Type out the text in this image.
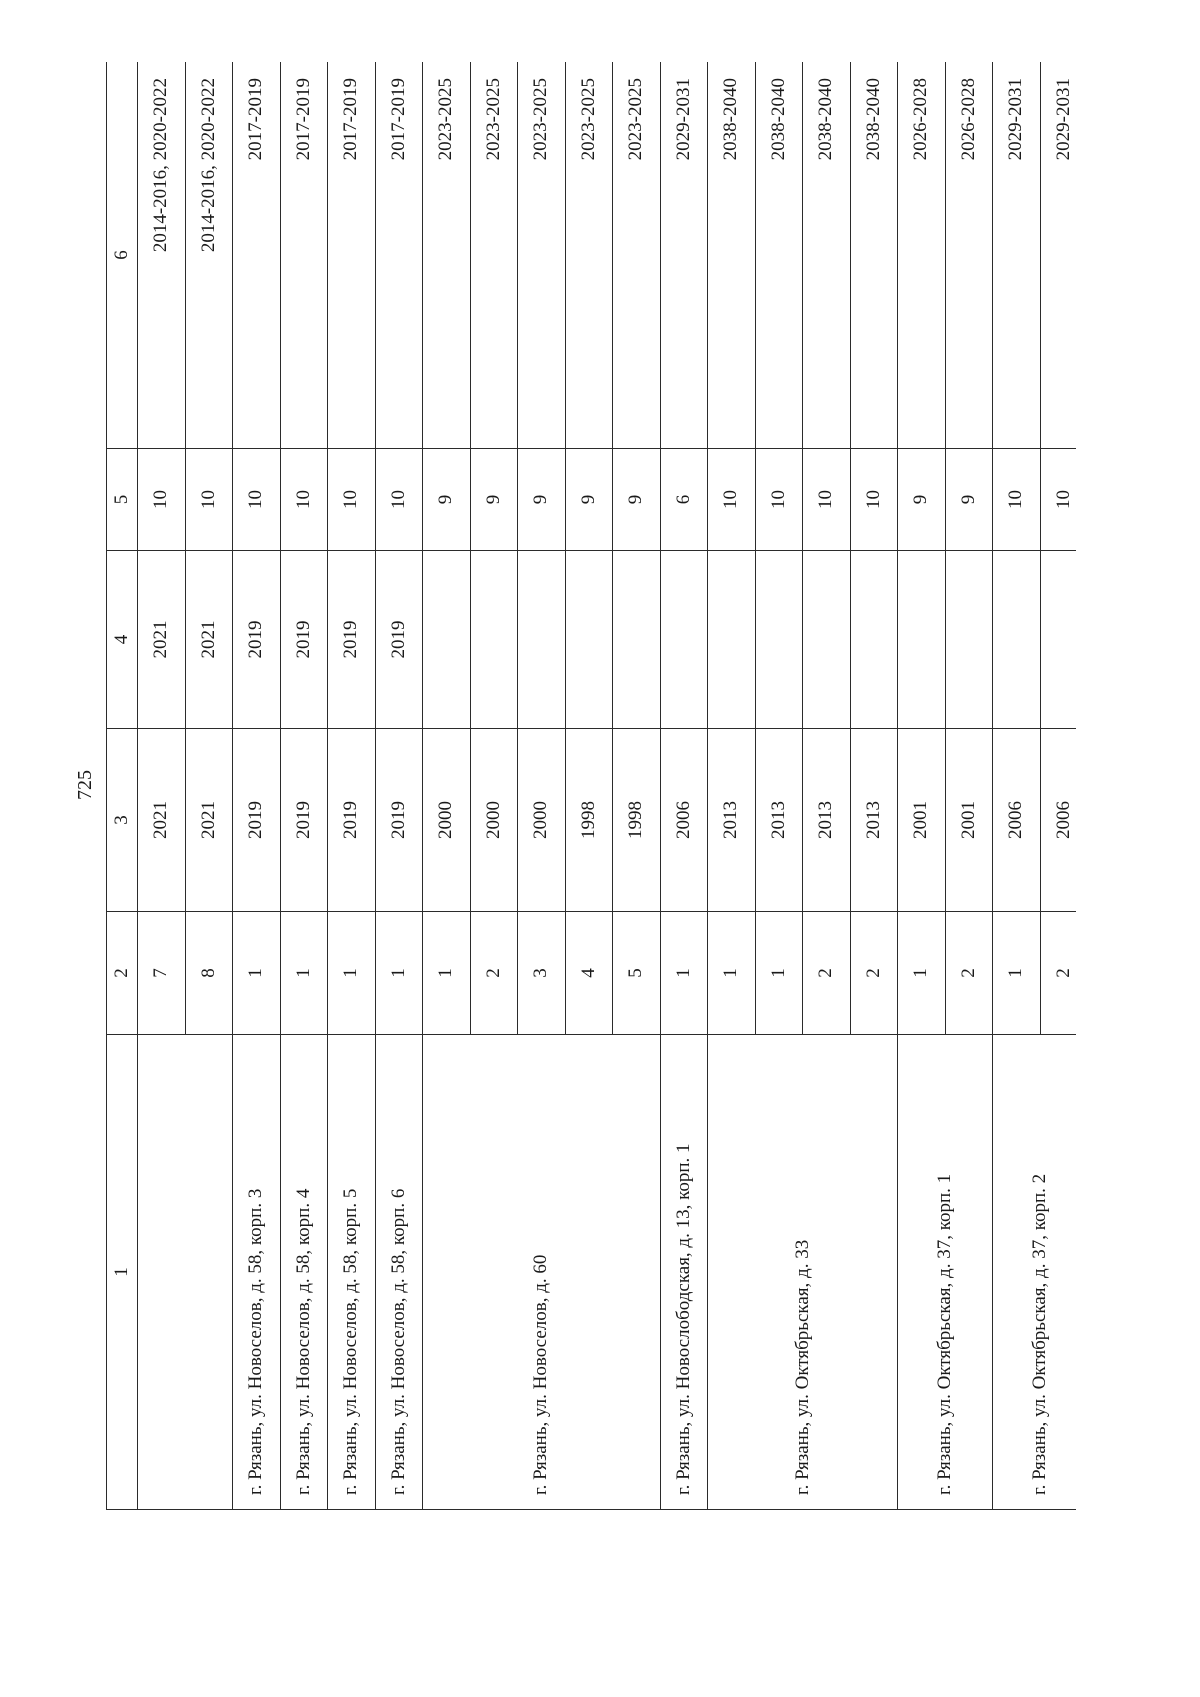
725
1	2	3	4	5	6
	7	2021	2021	10	2014-2016, 2020-2022
	8	2021	2021	10	2014-2016, 2020-2022
г. Рязань, ул. Новоселов, д. 58, корп. 3	1	2019	2019	10	2017-2019
г. Рязань, ул. Новоселов, д. 58, корп. 4	1	2019	2019	10	2017-2019
г. Рязань, ул. Новоселов, д. 58, корп. 5	1	2019	2019	10	2017-2019
г. Рязань, ул. Новоселов, д. 58, корп. 6	1	2019	2019	10	2017-2019
г. Рязань, ул. Новоселов, д. 60	1	2000		9	2023-2025
	2	2000		9	2023-2025
	3	2000		9	2023-2025
	4	1998		9	2023-2025
	5	1998		9	2023-2025
г. Рязань, ул. Новослободская, д. 13, корп. 1	1	2006		6	2029-2031
г. Рязань, ул. Октябрьская, д. 33	1	2013		10	2038-2040
	1	2013		10	2038-2040
	2	2013		10	2038-2040
	2	2013		10	2038-2040
г. Рязань, ул. Октябрьская, д. 37, корп. 1	1	2001		9	2026-2028
	2	2001		9	2026-2028
г. Рязань, ул. Октябрьская, д. 37, корп. 2	1	2006		10	2029-2031
	2	2006		10	2029-2031
